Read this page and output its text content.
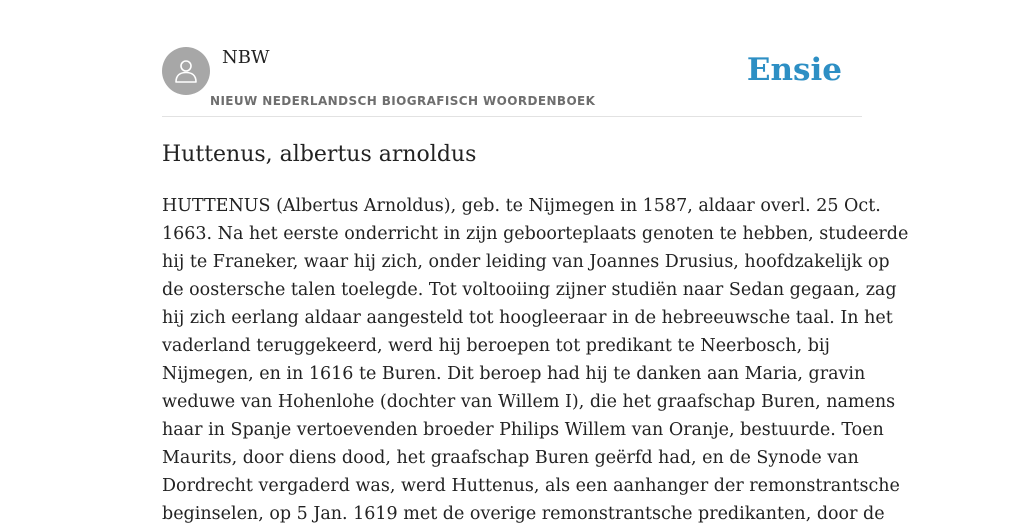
NBW
NIEUW NEDERLANDSCH BIOGRAFISCH WOORDENBOEK
Ensie
Huttenus, albertus arnoldus
HUTTENUS (Albertus Arnoldus), geb. te Nijmegen in 1587, aldaar overl. 25 Oct.
1663. Na het eerste onderricht in zijn geboorteplaats genoten te hebben, studeerde
hij te Franeker, waar hij zich, onder leiding van Joannes Drusius, hoofdzakelijk op
de oostersche talen toelegde. Tot voltooiing zijner studiën naar Sedan gegaan, zag
hij zich eerlang aldaar aangesteld tot hoogleeraar in de hebreeuwsche taal. In het
vaderland teruggekeerd, werd hij beroepen tot predikant te Neerbosch, bij
Nijmegen, en in 1616 te Buren. Dit beroep had hij te danken aan Maria, gravin
weduwe van Hohenlohe (dochter van Willem I), die het graafschap Buren, namens
haar in Spanje vertoevenden broeder Philips Willem van Oranje, bestuurde. Toen
Maurits, door diens dood, het graafschap Buren geërfd had, en de Synode van
Dordrecht vergaderd was, werd Huttenus, als een aanhanger der remonstrantsche
beginselen, op 5 Jan. 1619 met de overige remonstrantsche predikanten, door de
